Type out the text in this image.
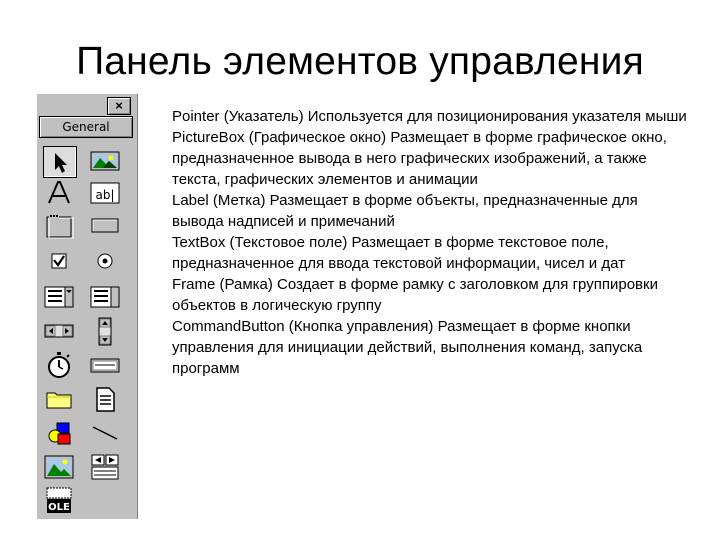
Панель элементов управления
×
General
ab|
OLE

Pointer (Указатель) Используется для позиционирования указателя мыши

PictureBox (Графическое окно) Размещает в форме графическое окно, предназначенное вывода в него графических изображений, а также текста, графических элементов и анимации

Label (Метка) Размещает в форме объекты, предназначенные для вывода надписей и примечаний

TextBox (Текстовое поле) Размещает в форме текстовое поле, предназначенное для ввода текстовой информации, чисел и дат

Frame (Рамка) Создает в форме рамку с заголовком для группировки объектов в логическую группу

CommandButton (Кнопка управления) Размещает в форме кнопки управления для инициации действий, выполнения команд, запуска программ
